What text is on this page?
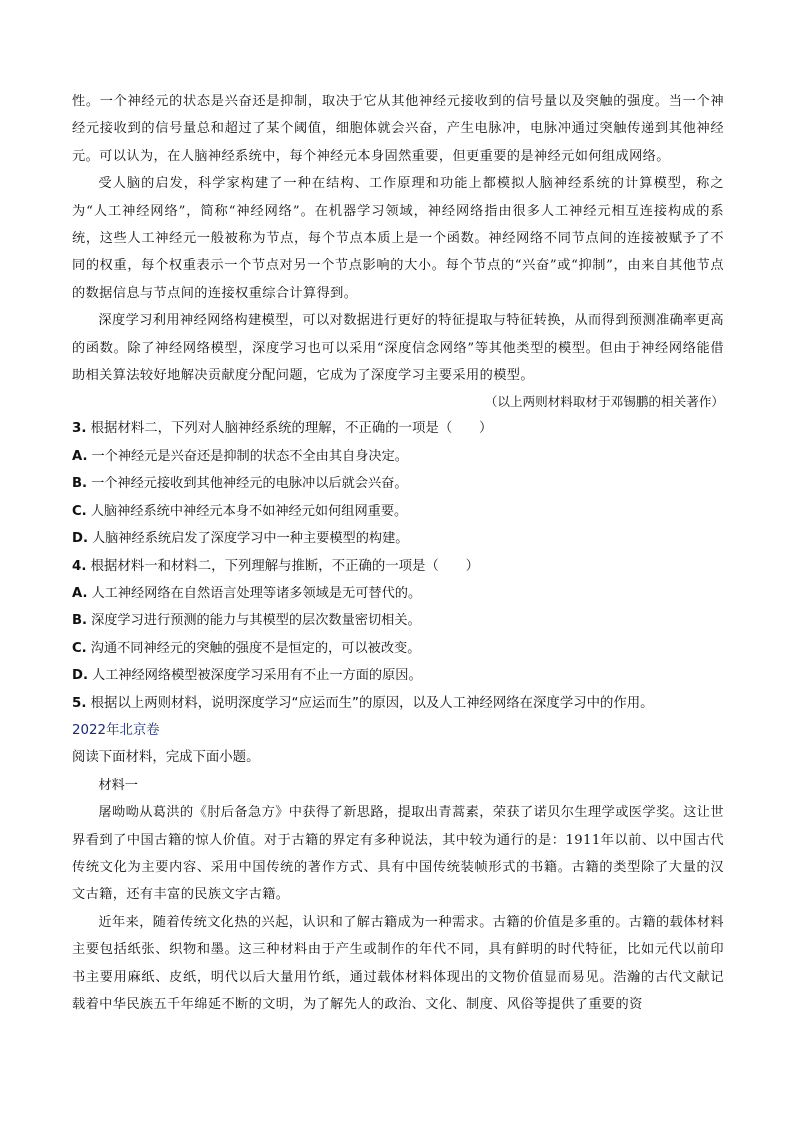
性。一个神经元的状态是兴奋还是抑制，取决于它从其他神经元接收到的信号量以及突触的强度。当一个神经元接收到的信号量总和超过了某个阈值，细胞体就会兴奋，产生电脉冲，电脉冲通过突触传递到其他神经元。可以认为，在人脑神经系统中，每个神经元本身固然重要，但更重要的是神经元如何组成网络。

受人脑的启发，科学家构建了一种在结构、工作原理和功能上都模拟人脑神经系统的计算模型，称之为“人工神经网络”，简称“神经网络”。在机器学习领域，神经网络指由很多人工神经元相互连接构成的系统，这些人工神经元一般被称为节点，每个节点本质上是一个函数。神经网络不同节点间的连接被赋予了不同的权重，每个权重表示一个节点对另一个节点影响的大小。每个节点的“兴奋”或“抑制”，由来自其他节点的数据信息与节点间的连接权重综合计算得到。

深度学习利用神经网络构建模型，可以对数据进行更好的特征提取与特征转换，从而得到预测准确率更高的函数。除了神经网络模型，深度学习也可以采用“深度信念网络”等其他类型的模型。但由于神经网络能借助相关算法较好地解决贡献度分配问题，它成为了深度学习主要采用的模型。

（以上两则材料取材于邓锡鹏的相关著作）

3. 根据材料二，下列对人脑神经系统的理解，不正确的一项是（　　）

A. 一个神经元是兴奋还是抑制的状态不全由其自身决定。

B. 一个神经元接收到其他神经元的电脉冲以后就会兴奋。

C. 人脑神经系统中神经元本身不如神经元如何组网重要。

D. 人脑神经系统启发了深度学习中一种主要模型的构建。

4. 根据材料一和材料二，下列理解与推断，不正确的一项是（　　）

A. 人工神经网络在自然语言处理等诸多领域是无可替代的。

B. 深度学习进行预测的能力与其模型的层次数量密切相关。

C. 沟通不同神经元的突触的强度不是恒定的，可以被改变。

D. 人工神经网络模型被深度学习采用有不止一方面的原因。

5. 根据以上两则材料，说明深度学习“应运而生”的原因，以及人工神经网络在深度学习中的作用。

2022年北京卷

阅读下面材料，完成下面小题。

材料一

屠呦呦从葛洪的《肘后备急方》中获得了新思路，提取出青蒿素，荣获了诺贝尔生理学或医学奖。这让世界看到了中国古籍的惊人价值。对于古籍的界定有多种说法，其中较为通行的是：1911年以前、以中国古代传统文化为主要内容、采用中国传统的著作方式、具有中国传统装帧形式的书籍。古籍的类型除了大量的汉文古籍，还有丰富的民族文字古籍。

近年来，随着传统文化热的兴起，认识和了解古籍成为一种需求。古籍的价值是多重的。古籍的载体材料主要包括纸张、织物和墨。这三种材料由于产生或制作的年代不同，具有鲜明的时代特征，比如元代以前印书主要用麻纸、皮纸，明代以后大量用竹纸，通过载体材料体现出的文物价值显而易见。浩瀚的古代文献记载着中华民族五千年绵延不断的文明，为了解先人的政治、文化、制度、风俗等提供了重要的资
